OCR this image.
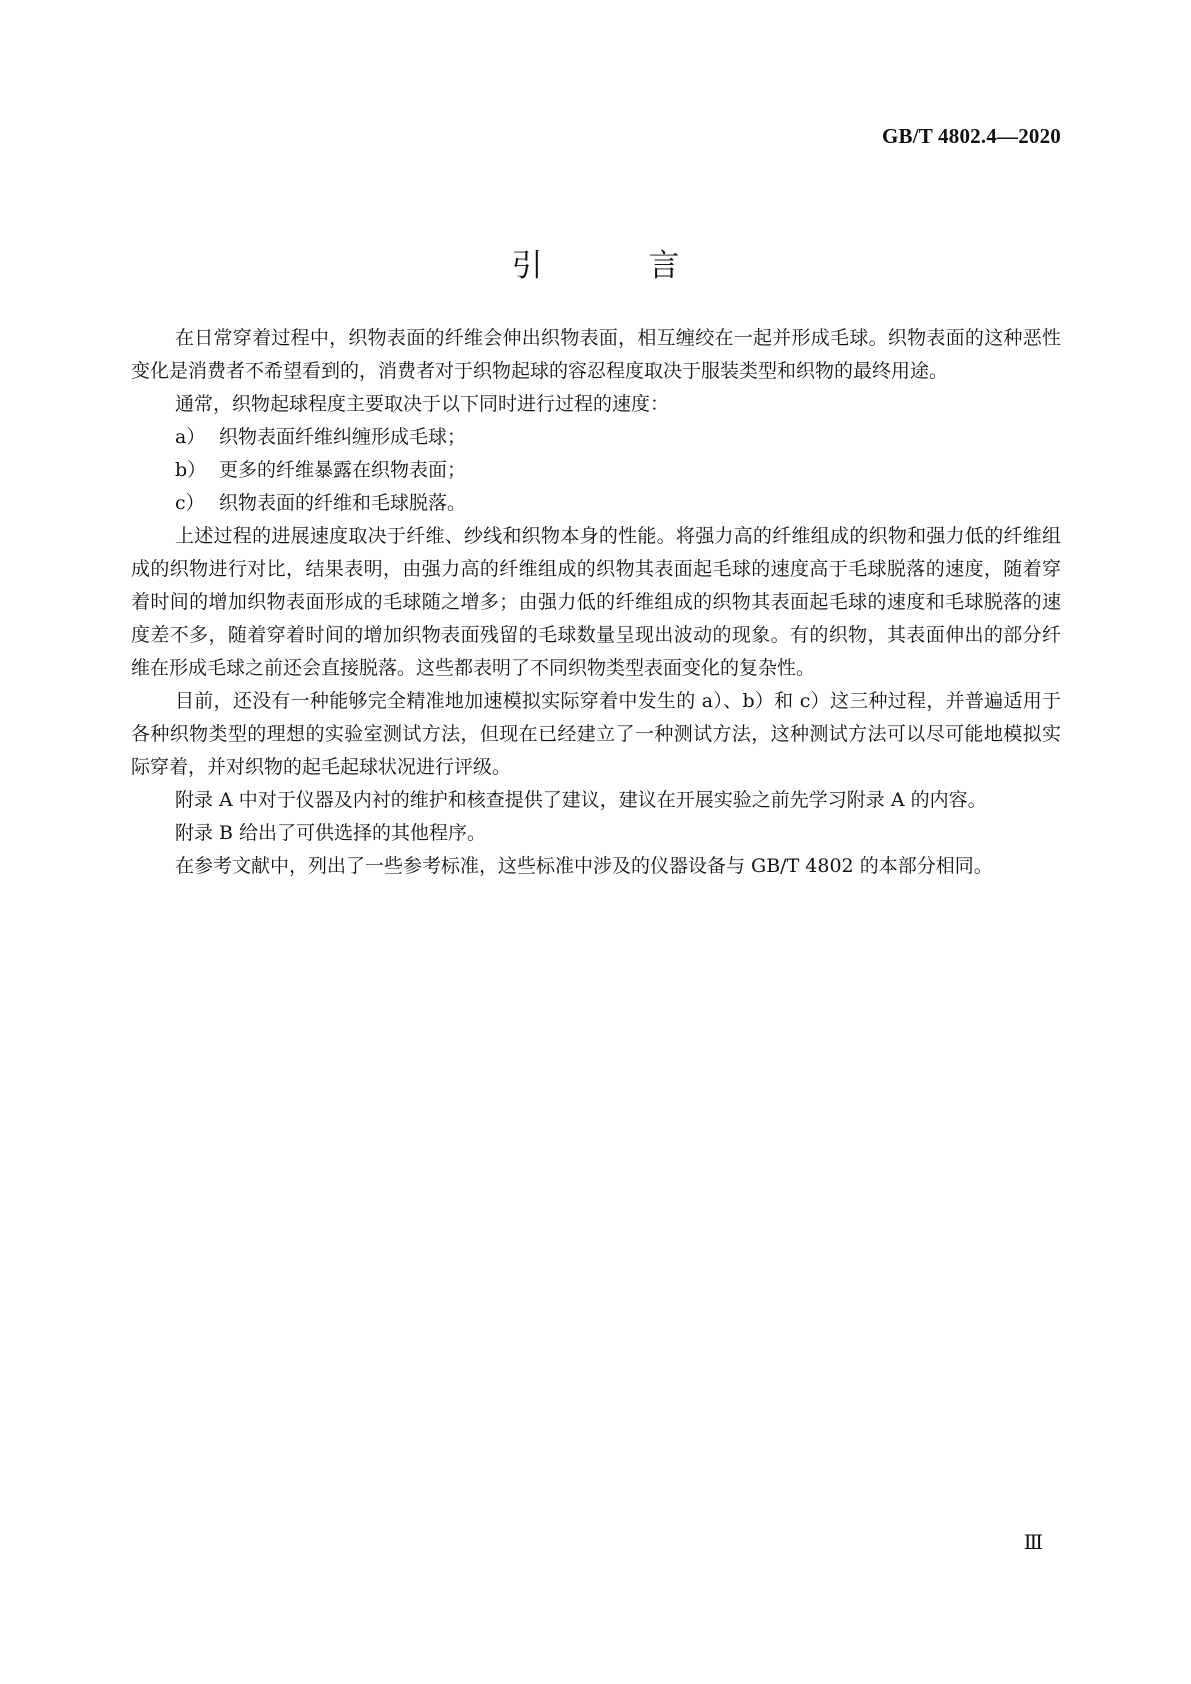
GB/T 4802.4—2020
引 言

在日常穿着过程中，织物表面的纤维会伸出织物表面，相互缠绞在一起并形成毛球。织物表面的这种恶性变化是消费者不希望看到的，消费者对于织物起球的容忍程度取决于服装类型和织物的最终用途。

通常，织物起球程度主要取决于以下同时进行过程的速度：

a） 织物表面纤维纠缠形成毛球；
b） 更多的纤维暴露在织物表面；
c） 织物表面的纤维和毛球脱落。

上述过程的进展速度取决于纤维、纱线和织物本身的性能。将强力高的纤维组成的织物和强力低的纤维组成的织物进行对比，结果表明，由强力高的纤维组成的织物其表面起毛球的速度高于毛球脱落的速度，随着穿着时间的增加织物表面形成的毛球随之增多；由强力低的纤维组成的织物其表面起毛球的速度和毛球脱落的速度差不多，随着穿着时间的增加织物表面残留的毛球数量呈现出波动的现象。有的织物，其表面伸出的部分纤维在形成毛球之前还会直接脱落。这些都表明了不同织物类型表面变化的复杂性。

目前，还没有一种能够完全精准地加速模拟实际穿着中发生的 a）、b）和 c）这三种过程，并普遍适用于各种织物类型的理想的实验室测试方法，但现在已经建立了一种测试方法，这种测试方法可以尽可能地模拟实际穿着，并对织物的起毛起球状况进行评级。

附录 A 中对于仪器及内衬的维护和核查提供了建议，建议在开展实验之前先学习附录 A 的内容。

附录 B 给出了可供选择的其他程序。

在参考文献中，列出了一些参考标准，这些标准中涉及的仪器设备与 GB/T 4802 的本部分相同。

Ⅲ
